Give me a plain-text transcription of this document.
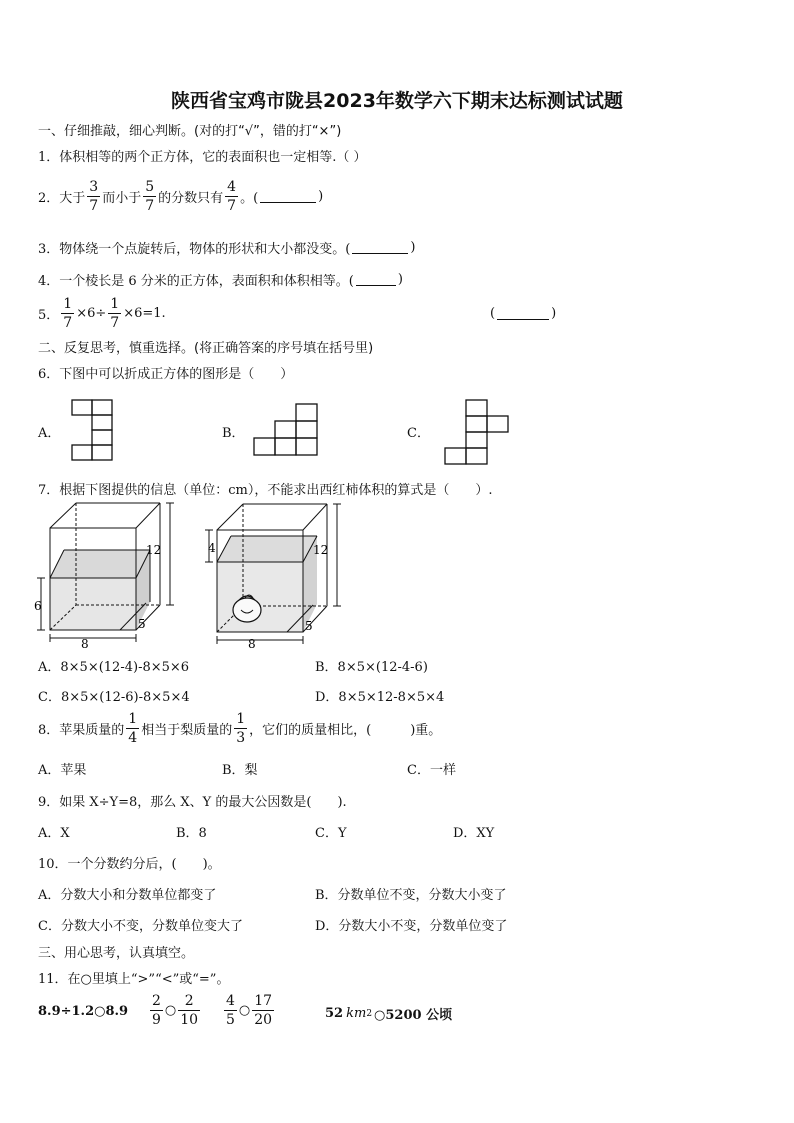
陕西省宝鸡市陇县2023年数学六下期末达标测试试题
一、仔细推敲，细心判断。(对的打“√”，错的打“×”)
1．体积相等的两个正方体，它的表面积也一定相等.（ ）
2． 大于 $\frac{3}{7}$ 而小于 $\frac{5}{7}$ 的分数只有 $\frac{4}{7}$ 。(	)
3．物体绕一个点旋转后，物体的形状和大小都没变。(	)
4．一个棱长是 6 分米的正方体，表面积和体积相等。(	)
5． $\frac{1}{7} \times 6\div \frac{1}{7} \times 6=1$.	(	)
二、反复思考，慎重选择。(将正确答案的序号填在括号里)
6．下图中可以折成正方体的图形是（　　）
A．	B．	C．
7．根据下图提供的信息（单位：cm），不能求出西红柿体积的算式是（　　）.
12
6
8
5
4	12
8
5
A．8×5×(12-4)-8×5×6	B．8×5×(12-4-6)
C．8×5×(12-6)-8×5×4	D．8×5×12-8×5×4
8．苹果质量的 $\frac{1}{4}$ 相当于梨质量的 $\frac{1}{3}$ ，它们的质量相比，(　　　)重。
A．苹果	B．梨	C．一样
9．如果 X÷Y=8，那么 X、Y 的最大公因数是(　　).
A．X	B．8	C．Y	D．XY
10．一个分数约分后，(　　)。
A．分数大小和分数单位都变了	B．分数单位不变，分数大小变了
C．分数大小不变，分数单位变大了	D．分数大小不变，分数单位变了
三、用心思考，认真填空。
11．在○里填上“>”“<”或“=”。
8.9÷1.2○8.9 $\frac{2}{9}$ ○ $\frac{2}{10} \frac{4}{5}$ ○ $\frac{17}{20}$	52 km 2 ○5200 公顷
